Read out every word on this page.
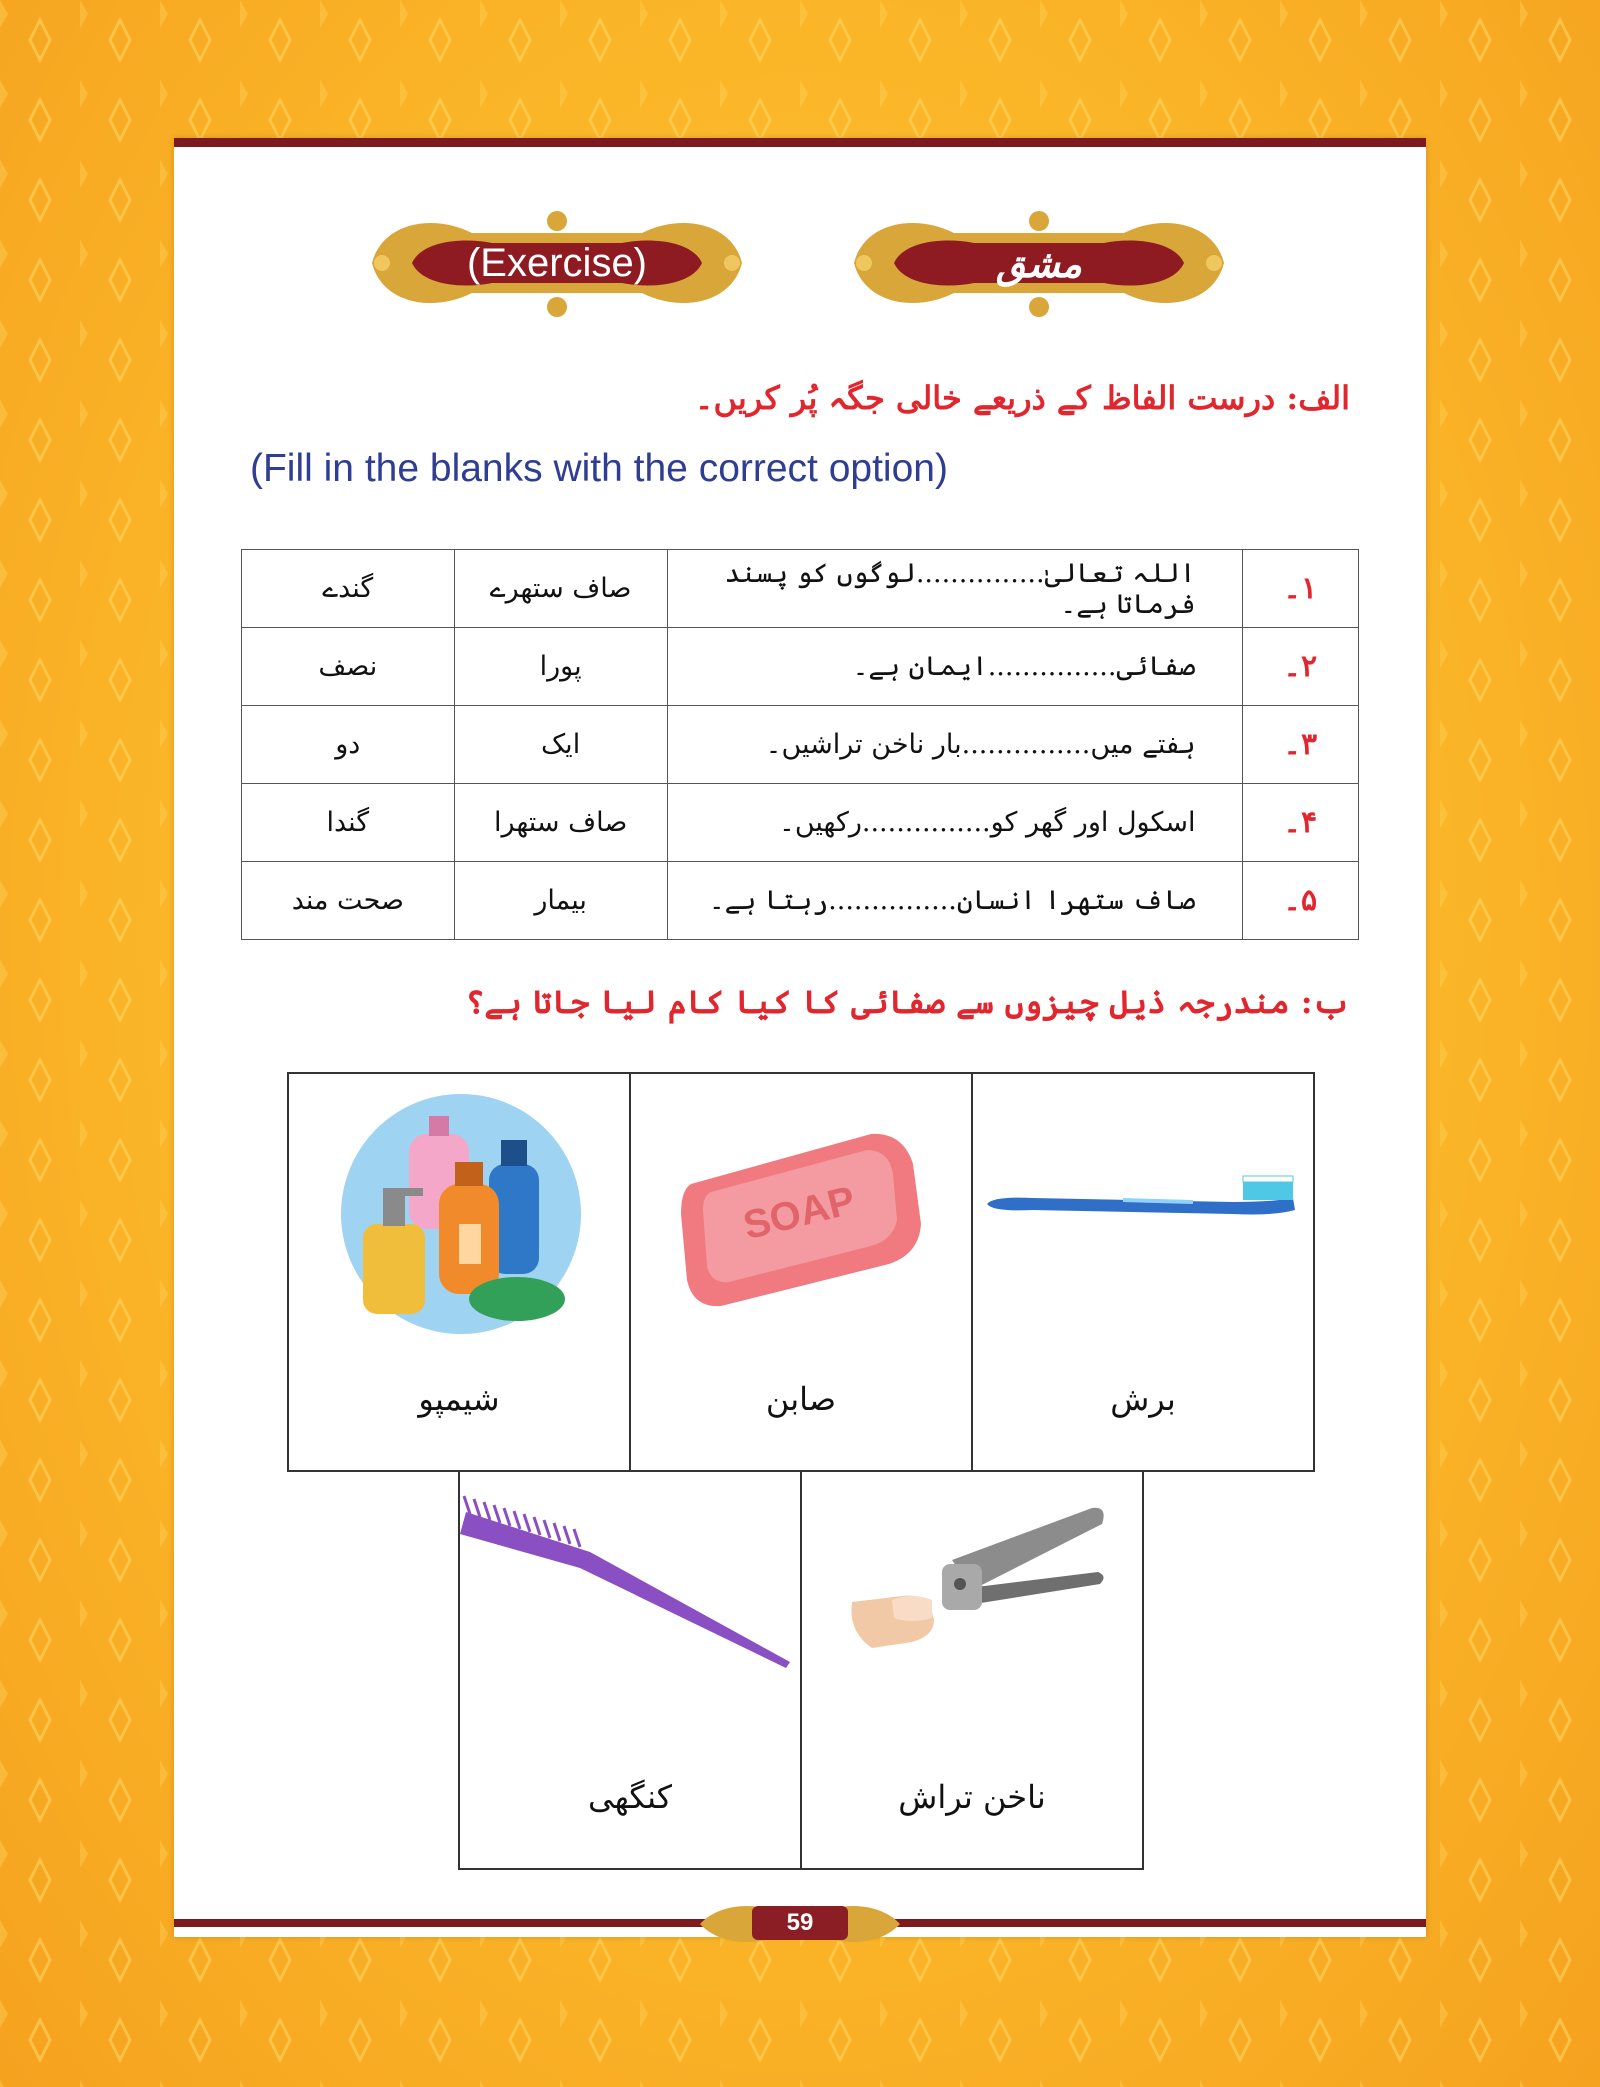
(Exercise)	مشق
الف: درست الفاظ کے ذریعے خالی جگہ پُر کریں۔
(Fill in the blanks with the correct option)
۱۔	اللہ تعالیٰ...............لوگوں کو پسند فرماتا ہے۔	صاف ستھرے	گندے
۲۔	صفائی...............ایمان ہے۔	پورا	نصف
۳۔	ہفتے میں...............بار ناخن تراشیں۔	ایک	دو
۴۔	اسکول اور گھر کو...............رکھیں۔	صاف ستھرا	گندا
۵۔	صاف ستھرا انسان...............رہتا ہے۔	بیمار	صحت مند
ب: مندرجہ ذیل چیزوں سے صفائی کا کیا کام لیا جاتا ہے؟
شیمپو
SOAP
صابن	برش
کنگھی	ناخن تراش
59
